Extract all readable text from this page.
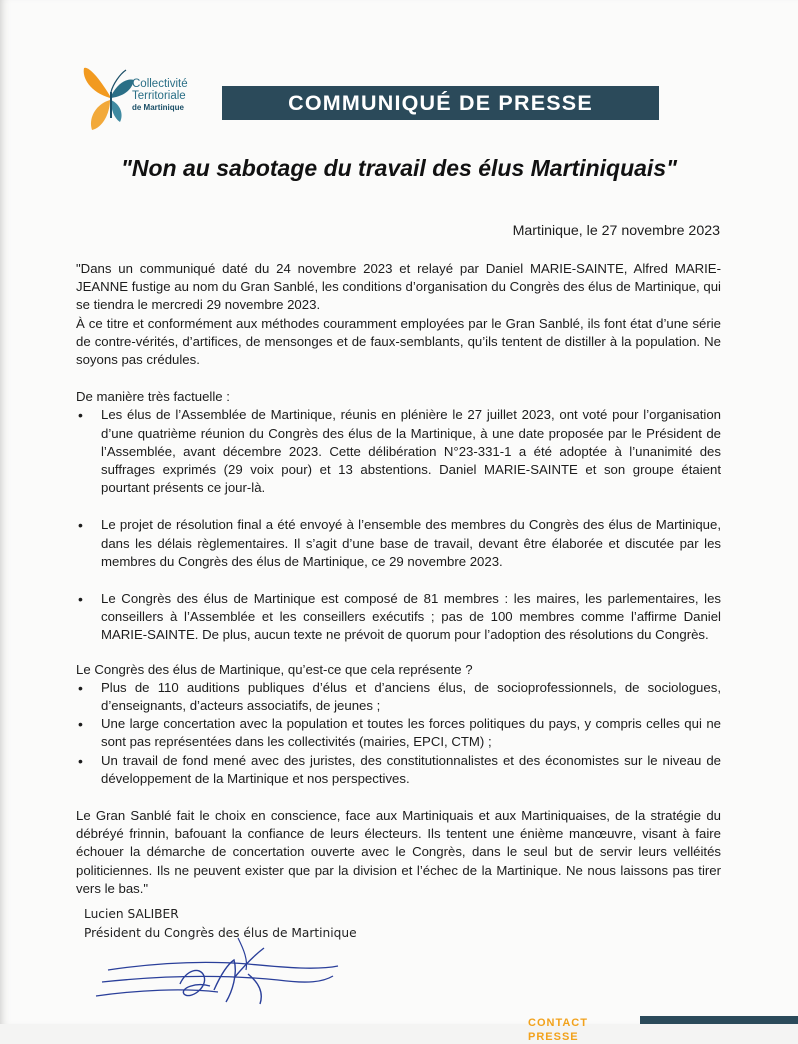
Collectivité
Territoriale
de Martinique	COMMUNIQUÉ DE PRESSE
"Non au sabotage du travail des élus Martiniquais"
Martinique, le 27 novembre 2023

"Dans un communiqué daté du 24 novembre 2023 et relayé par Daniel MARIE-SAINTE, Alfred MARIE-JEANNE fustige au nom du Gran Sanblé, les conditions d’organisation du Congrès des élus de Martinique, qui se tiendra le mercredi 29 novembre 2023.

À ce titre et conformément aux méthodes couramment employées par le Gran Sanblé, ils font état d’une série de contre-vérités, d’artifices, de mensonges et de faux-semblants, qu’ils tentent de distiller à la population. Ne soyons pas crédules.

De manière très factuelle :

• Les élus de l’Assemblée de Martinique, réunis en plénière le 27 juillet 2023, ont voté pour l’organisation d’une quatrième réunion du Congrès des élus de la Martinique, à une date proposée par le Président de l’Assemblée, avant décembre 2023. Cette délibération N°23-331-1 a été adoptée à l’unanimité des suffrages exprimés (29 voix pour) et 13 abstentions. Daniel MARIE-SAINTE et son groupe étaient pourtant présents ce jour-là.
• Le projet de résolution final a été envoyé à l’ensemble des membres du Congrès des élus de Martinique, dans les délais règlementaires. Il s’agit d’une base de travail, devant être élaborée et discutée par les membres du Congrès des élus de Martinique, ce 29 novembre 2023.
• Le Congrès des élus de Martinique est composé de 81 membres : les maires, les parlementaires, les conseillers à l’Assemblée et les conseillers exécutifs ; pas de 100 membres comme l’affirme Daniel MARIE-SAINTE. De plus, aucun texte ne prévoit de quorum pour l’adoption des résolutions du Congrès.

Le Congrès des élus de Martinique, qu’est-ce que cela représente ?

• Plus de 110 auditions publiques d’élus et d’anciens élus, de socioprofessionnels, de sociologues, d’enseignants, d’acteurs associatifs, de jeunes ;
• Une large concertation avec la population et toutes les forces politiques du pays, y compris celles qui ne sont pas représentées dans les collectivités (mairies, EPCI, CTM) ;
• Un travail de fond mené avec des juristes, des constitutionnalistes et des économistes sur le niveau de développement de la Martinique et nos perspectives.

Le Gran Sanblé fait le choix en conscience, face aux Martiniquais et aux Martiniquaises, de la stratégie du débréyé frinnin, bafouant la confiance de leurs électeurs. Ils tentent une énième manœuvre, visant à faire échouer la démarche de concertation ouverte avec le Congrès, dans le seul but de servir leurs velléités politiciennes. Ils ne peuvent exister que par la division et l’échec de la Martinique. Ne nous laissons pas tirer vers le bas."

Lucien SALIBER
Président du Congrès des élus de Martinique
CONTACT PRESSE
